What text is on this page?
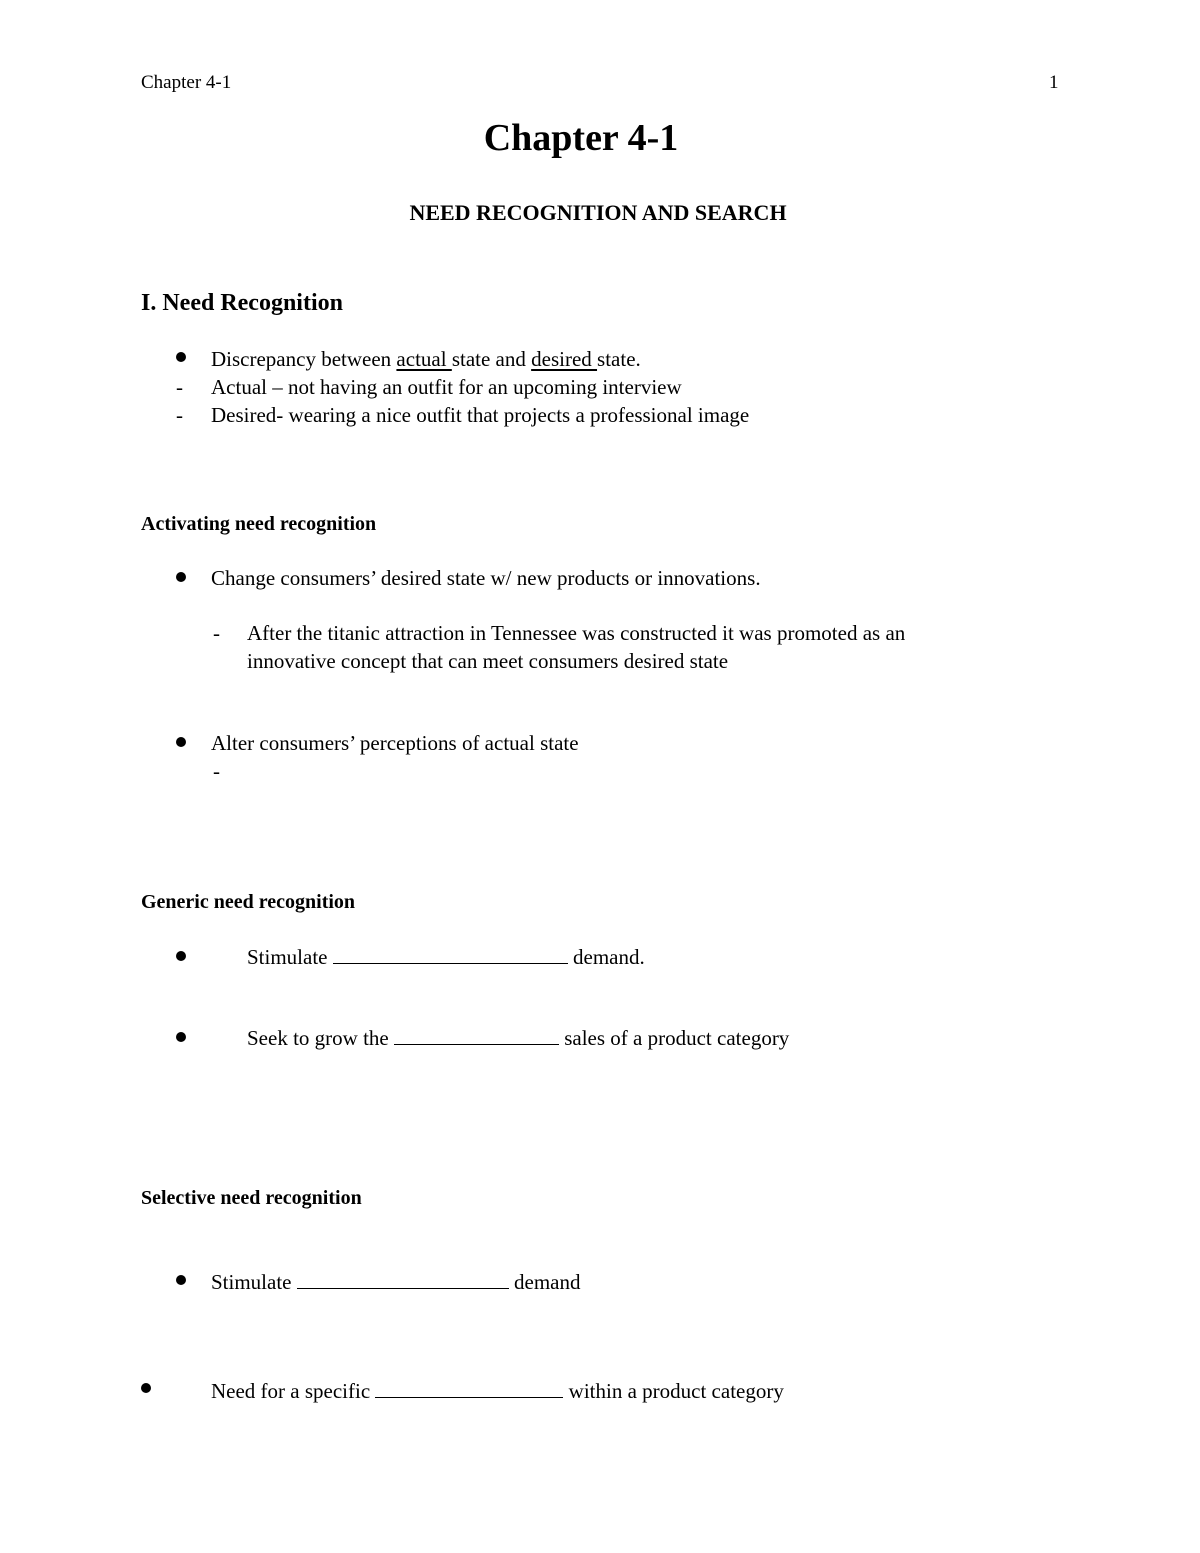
Chapter 4-1	1
Chapter 4-1
NEED RECOGNITION AND SEARCH
I. Need Recognition
Discrepancy between actual state and desired state.
- Actual – not having an outfit for an upcoming interview
- Desired- wearing a nice outfit that projects a professional image
Activating need recognition
Change consumers’ desired state w/ new products or innovations.
- After the titanic attraction in Tennessee was constructed it was promoted as an
innovative concept that can meet consumers desired state
Alter consumers’ perceptions of actual state
-
Generic need recognition
Stimulate	demand.
Seek to grow the	sales of a product category
Selective need recognition
Stimulate	demand
Need for a specific	within a product category
